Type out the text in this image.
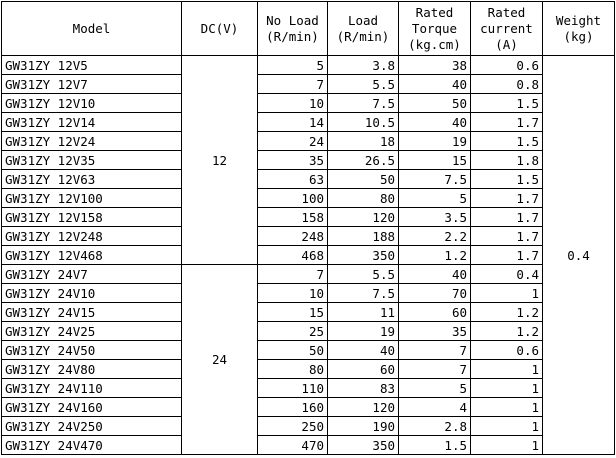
Model	DC(V)	No Load (R/min)	Load (R/min)	Rated Torque (kg.cm)	Rated current (A)	Weight (kg)
GW31ZY 12V5	12	5	3.8	38	0.6	0.4
GW31ZY 12V7		7	5.5	40	0.8	
GW31ZY 12V10		10	7.5	50	1.5	
GW31ZY 12V14		14	10.5	40	1.7	
GW31ZY 12V24		24	18	19	1.5	
GW31ZY 12V35		35	26.5	15	1.8	
GW31ZY 12V63		63	50	7.5	1.5	
GW31ZY 12V100		100	80	5	1.7	
GW31ZY 12V158		158	120	3.5	1.7	
GW31ZY 12V248		248	188	2.2	1.7	
GW31ZY 12V468		468	350	1.2	1.7	
GW31ZY 24V7	24	7	5.5	40	0.4	
GW31ZY 24V10		10	7.5	70	1	
GW31ZY 24V15		15	11	60	1.2	
GW31ZY 24V25		25	19	35	1.2	
GW31ZY 24V50		50	40	7	0.6	
GW31ZY 24V80		80	60	7	1	
GW31ZY 24V110		110	83	5	1	
GW31ZY 24V160		160	120	4	1	
GW31ZY 24V250		250	190	2.8	1	
GW31ZY 24V470		470	350	1.5	1	
